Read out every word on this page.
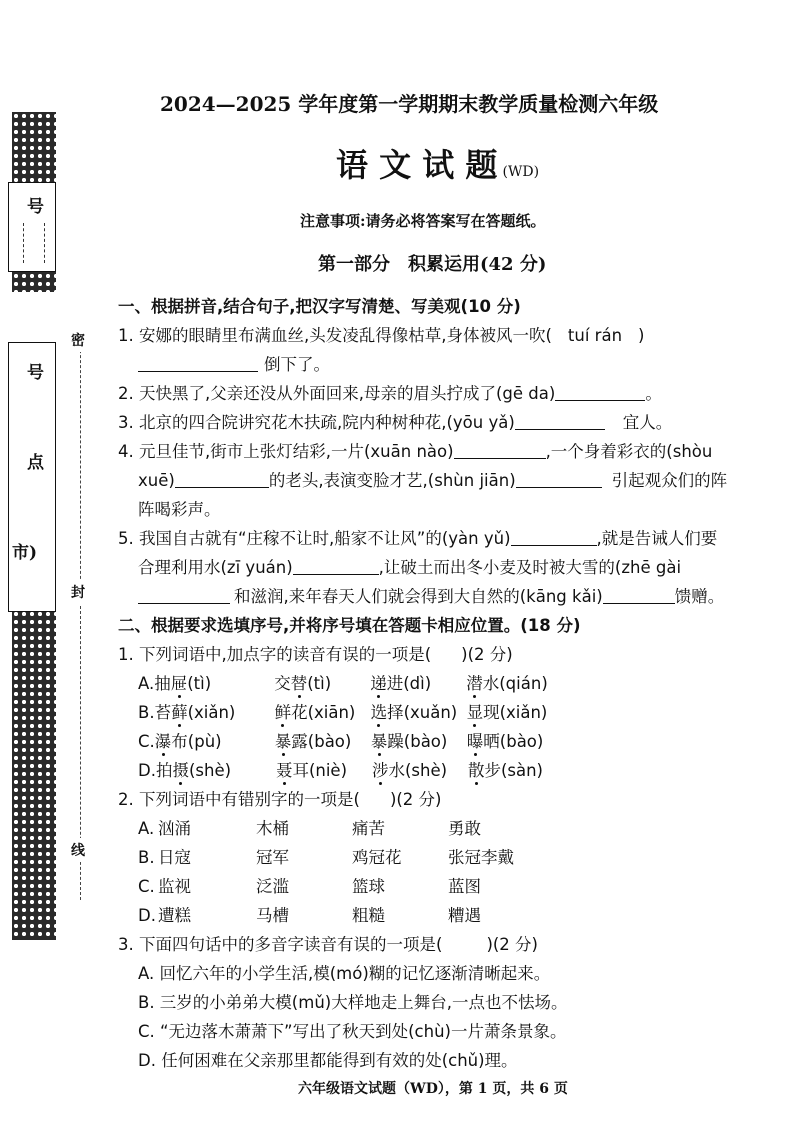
号
号
点
市)
密
封
线
2024—2025 学年度第一学期期末教学质量检测六年级
语 文 试 题 (WD)
注意事项:请务必将答案写在答题纸。
第一部分　积累运用(42 分)
一、根据拼音,结合句子,把汉字写清楚、写美观(10 分)
1. 安娜的眼睛里布满血丝,头发凌乱得像枯草,身体被风一吹( tuí rán )
倒下了。
2. 天快黑了,父亲还没从外面回来,母亲的眉头拧成了(gē da)	。
3. 北京的四合院讲究花木扶疏,院内种树种花,(yōu yǎ)	宜人。
4. 元旦佳节,街市上张灯结彩,一片(xuān nào)	,一个身着彩衣的(shòu
xuē)	的老头,表演变脸才艺,(shùn jiān)	引起观众们的阵
阵喝彩声。
5. 我国自古就有“庄稼不让时,船家不让风”的(yàn yǔ)	,就是告诫人们要
合理利用水(zī yuán)	,让破土而出冬小麦及时被大雪的(zhē gài
和滋润,来年春天人们就会得到大自然的(kāng kǎi)	馈赠。
二、根据要求选填序号,并将序号填在答题卡相应位置。(18 分)
1. 下列词语中,加点字的读音有误的一项是( )(2 分)
A.抽屉(tì)	交替(tì) 递进(dì) 潜水(qián)
B.苔藓(xiǎn) 鲜花(xiān) 选择(xuǎn) 显现(xiǎn)
C.瀑布(pù)	暴露(bào) 暴躁(bào) 曝晒(bào)
D.拍摄(shè)	聂耳(niè) 涉水(shè) 散步(sàn)
2. 下列词语中有错别字的一项是( )(2 分)
A. 汹涌	木桶	痛苦	勇敢
B. 日寇	冠军	鸡冠花	张冠李戴
C. 监视	泛滥	篮球	蓝图
D. 遭糕	马槽	粗糙	糟遇
3. 下面四句话中的多音字读音有误的一项是(	)(2 分)
A. 回忆六年的小学生活,模(mó)糊的记忆逐渐清晰起来。
B. 三岁的小弟弟大模(mǔ)大样地走上舞台,一点也不怯场。
C. “无边落木萧萧下”写出了秋天到处(chù)一片萧条景象。
D. 任何困难在父亲那里都能得到有效的处(chǔ)理。
六年级语文试题（WD），第 1 页，共 6 页
